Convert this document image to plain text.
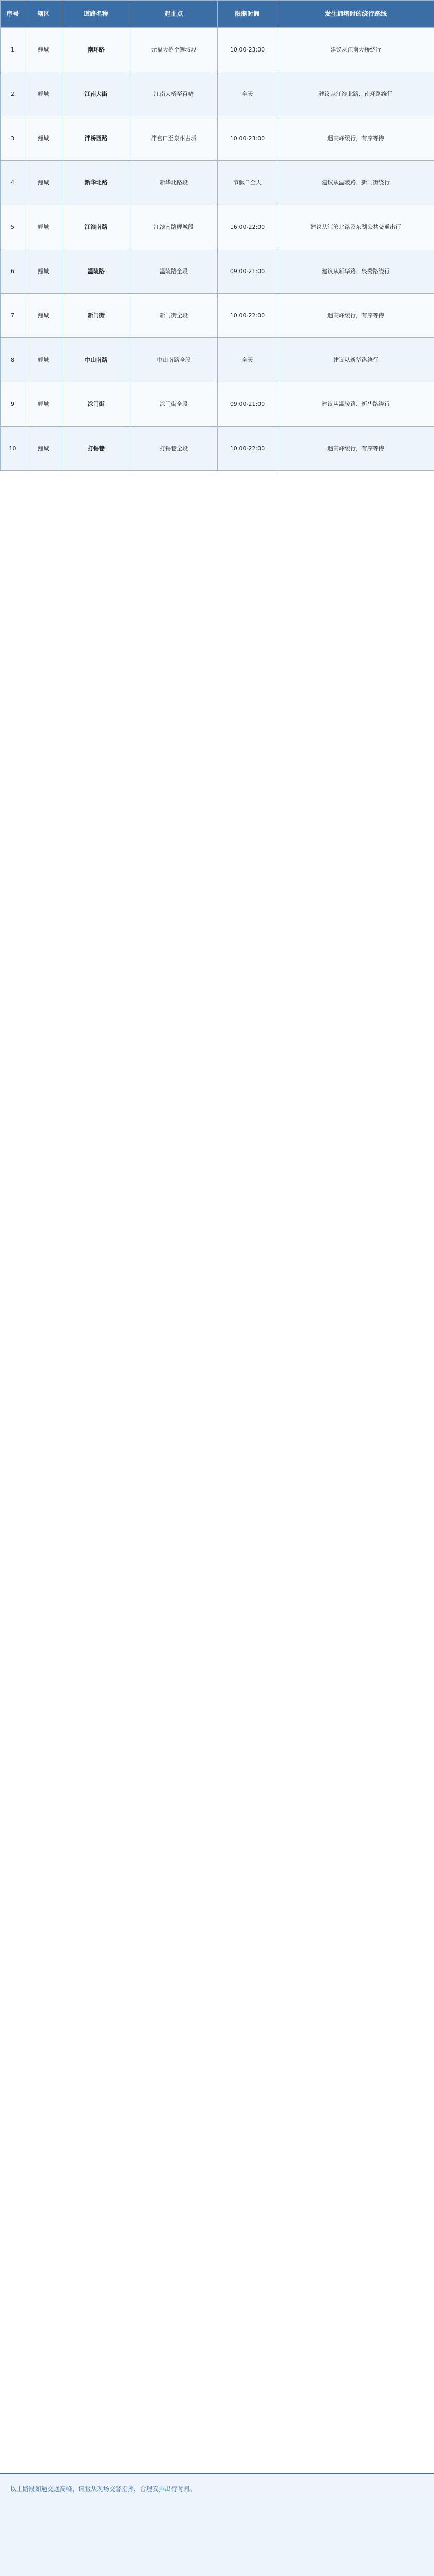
序号	辖区	道路名称	起止点	限制时间	发生拥堵时的绕行路线
1	鲤城	南环路	元福大桥至鲤城段	10:00-23:00	建议从江南大桥绕行
2	鲤城	江南大街	江南大桥至百崎	全天	建议从江滨北路、南环路绕行
3	鲤城	泮桥西路	泮宫口至泉州古城	10:00-23:00	遇高峰缓行，有序等待
4	鲤城	新华北路	新华北路段	节假日全天	建议从温陵路、新门街绕行
5	鲤城	江滨南路	江滨南路鲤城段	16:00-22:00	建议从江滨北路及东湖公共交通出行
6	鲤城	温陵路	温陵路全段	09:00-21:00	建议从新华路、泉秀路绕行
7	鲤城	新门街	新门街全段	10:00-22:00	遇高峰缓行，有序等待
8	鲤城	中山南路	中山南路全段	全天	建议从新华路绕行
9	鲤城	涂门街	涂门街全段	09:00-21:00	建议从温陵路、新华路绕行
10	鲤城	打锡巷	打锡巷全段	10:00-22:00	遇高峰缓行，有序等待
以上路段如遇交通高峰，请服从现场交警指挥，合理安排出行时间。
